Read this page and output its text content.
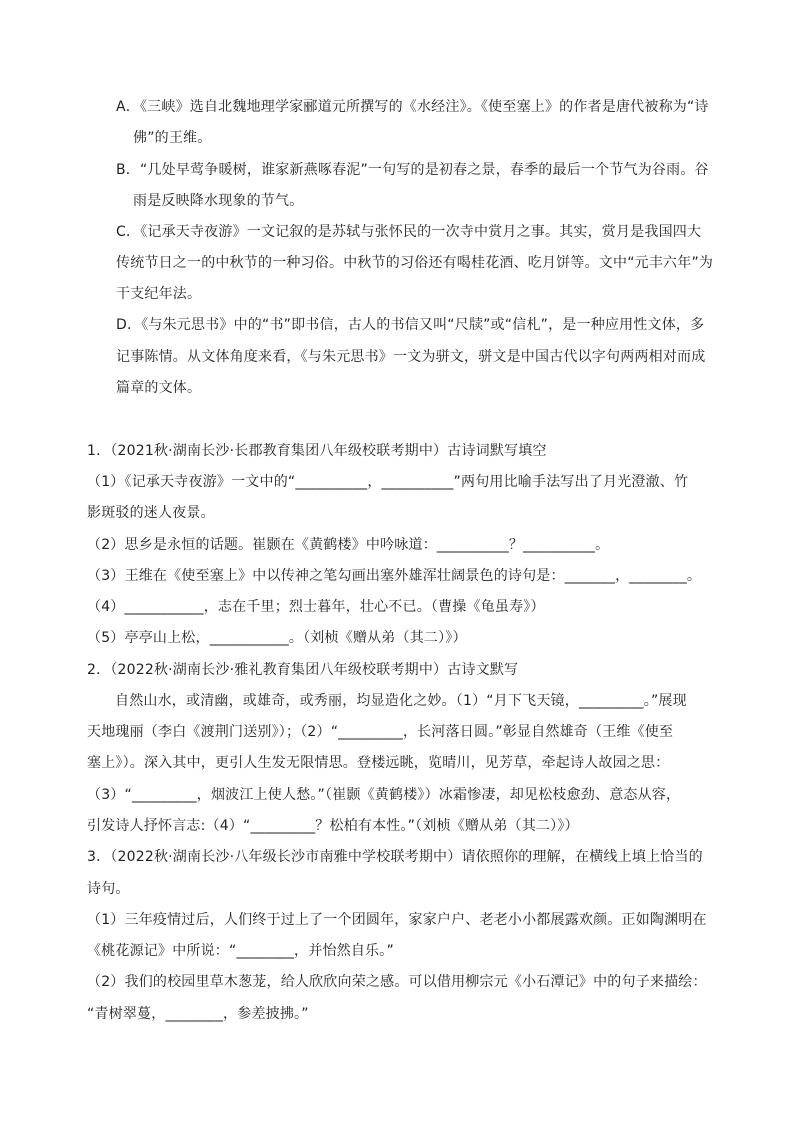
A．《三峡》选自北魏地理学家郦道元所撰写的《水经注》。《使至塞上》的作者是唐代被称为“诗
佛”的王维。
B．“几处早莺争暖树，谁家新燕啄春泥”一句写的是初春之景，春季的最后一个节气为谷雨。谷
雨是反映降水现象的节气。
C．《记承天寺夜游》一文记叙的是苏轼与张怀民的一次寺中赏月之事。其实，赏月是我国四大
传统节日之一的中秋节的一种习俗。中秋节的习俗还有喝桂花酒、吃月饼等。文中“元丰六年”为
干支纪年法。
D．《与朱元思书》中的“书”即书信，古人的书信又叫“尺牍”或“信札”，是一种应用性文体，多
记事陈情。从文体角度来看，《与朱元思书》一文为骈文，骈文是中国古代以字句两两相对而成
篇章的文体。
1．（2021秋·湖南长沙·长郡教育集团八年级校联考期中）古诗词默写填空
（1）《记承天寺夜游》一文中的“__________，__________”两句用比喻手法写出了月光澄澈、竹
影斑驳的迷人夜景。
（2）思乡是永恒的话题。崔颢在《黄鹤楼》中吟咏道：__________？__________。
（3）王维在《使至塞上》中以传神之笔勾画出塞外雄浑壮阔景色的诗句是：_______，________。
（4）___________，志在千里；烈士暮年，壮心不已。（曹操《龟虽寿》）
（5）亭亭山上松，___________。（刘桢《赠从弟（其二）》）
2．（2022秋·湖南长沙·雅礼教育集团八年级校联考期中）古诗文默写
自然山水，或清幽，或雄奇，或秀丽，均显造化之妙。（1）“月下飞天镜，_________。”展现
天地瑰丽（李白《渡荆门送别》）；（2）“_________，长河落日圆。”彰显自然雄奇（王维《使至
塞上》）。深入其中，更引人生发无限情思。登楼远眺，览晴川，见芳草，牵起诗人故园之思：
（3）“_________，烟波江上使人愁。”（崔颢《黄鹤楼》）冰霜惨凄，却见松枝愈劲、意态从容，
引发诗人抒怀言志:（4）“_________？松柏有本性。”（刘桢《赠从弟（其二）》）
3．（2022秋·湖南长沙·八年级长沙市南雅中学校联考期中）请依照你的理解，在横线上填上恰当的
诗句。
（1）三年疫情过后，人们终于过上了一个团圆年，家家户户、老老小小都展露欢颜。正如陶渊明在
《桃花源记》中所说：“________，并怡然自乐。”
（2）我们的校园里草木葱茏，给人欣欣向荣之感。可以借用柳宗元《小石潭记》中的句子来描绘：
“青树翠蔓，________，参差披拂。”
